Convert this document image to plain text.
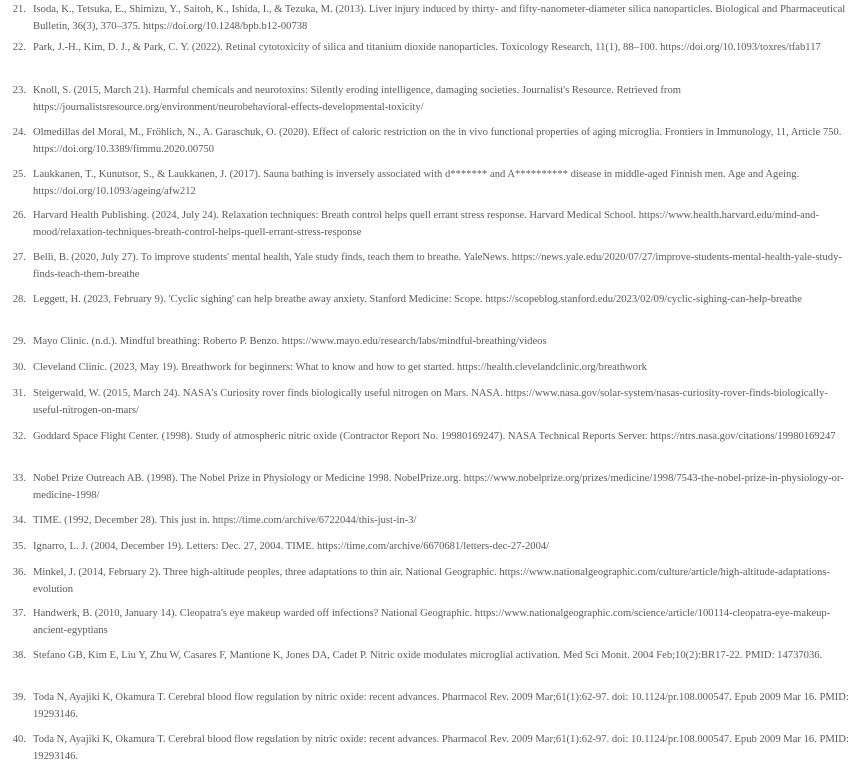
21. Isoda, K., Tetsuka, E., Shimizu, Y., Saitoh, K., Ishida, I., & Tezuka, M. (2013). Liver injury induced by thirty- and fifty-nanometer-diameter silica nanoparticles. Biological and Pharmaceutical Bulletin, 36(3), 370–375. https://doi.org/10.1248/bpb.b12-00738
22. Park, J.-H., Kim, D. J., & Park, C. Y. (2022). Retinal cytotoxicity of silica and titanium dioxide nanoparticles. Toxicology Research, 11(1), 88–100. https://doi.org/10.1093/toxres/tfab117
23. Knoll, S. (2015, March 21). Harmful chemicals and neurotoxins: Silently eroding intelligence, damaging societies. Journalist's Resource. Retrieved from https://journalistsresource.org/environment/neurobehavioral-effects-developmental-toxicity/
24. Olmedillas del Moral, M., Fröhlich, N., A. Garaschuk, O. (2020). Effect of caloric restriction on the in vivo functional properties of aging microglia. Frontiers in Immunology, 11, Article 750. https://doi.org/10.3389/fimmu.2020.00750
25. Laukkanen, T., Kunutsor, S., & Laukkanen, J. (2017). Sauna bathing is inversely associated with d******* and A********** disease in middle-aged Finnish men. Age and Ageing. https://doi.org/10.1093/ageing/afw212
26. Harvard Health Publishing. (2024, July 24). Relaxation techniques: Breath control helps quell errant stress response. Harvard Medical School. https://www.health.harvard.edu/mind-and-mood/relaxation-techniques-breath-control-helps-quell-errant-stress-response
27. Belli, B. (2020, July 27). To improve students' mental health, Yale study finds, teach them to breathe. YaleNews. https://news.yale.edu/2020/07/27/improve-students-mental-health-yale-study-finds-teach-them-breathe
28. Leggett, H. (2023, February 9). 'Cyclic sighing' can help breathe away anxiety. Stanford Medicine: Scope. https://scopeblog.stanford.edu/2023/02/09/cyclic-sighing-can-help-breathe
29. Mayo Clinic. (n.d.). Mindful breathing: Roberto P. Benzo. https://www.mayo.edu/research/labs/mindful-breathing/videos
30. Cleveland Clinic. (2023, May 19). Breathwork for beginners: What to know and how to get started. https://health.clevelandclinic.org/breathwork
31. Steigerwald, W. (2015, March 24). NASA's Curiosity rover finds biologically useful nitrogen on Mars. NASA. https://www.nasa.gov/solar-system/nasas-curiosity-rover-finds-biologically-useful-nitrogen-on-mars/
32. Goddard Space Flight Center. (1998). Study of atmospheric nitric oxide (Contractor Report No. 19980169247). NASA Technical Reports Server. https://ntrs.nasa.gov/citations/19980169247
33. Nobel Prize Outreach AB. (1998). The Nobel Prize in Physiology or Medicine 1998. NobelPrize.org. https://www.nobelprize.org/prizes/medicine/1998/7543-the-nobel-prize-in-physiology-or-medicine-1998/
34. TIME. (1992, December 28). This just in. https://time.com/archive/6722044/this-just-in-3/
35. Ignarro, L. J. (2004, December 19). Letters: Dec. 27, 2004. TIME. https://time.com/archive/6670681/letters-dec-27-2004/
36. Minkel, J. (2014, February 2). Three high-altitude peoples, three adaptations to thin air. National Geographic. https://www.nationalgeographic.com/culture/article/high-altitude-adaptations-evolution
37. Handwerk, B. (2010, January 14). Cleopatra's eye makeup warded off infections? National Geographic. https://www.nationalgeographic.com/science/article/100114-cleopatra-eye-makeup-ancient-egyptians
38. Stefano GB, Kim E, Liu Y, Zhu W, Casares F, Mantione K, Jones DA, Cadet P. Nitric oxide modulates microglial activation. Med Sci Monit. 2004 Feb;10(2):BR17-22. PMID: 14737036.
39. Toda N, Ayajiki K, Okamura T. Cerebral blood flow regulation by nitric oxide: recent advances. Pharmacol Rev. 2009 Mar;61(1):62-97. doi: 10.1124/pr.108.000547. Epub 2009 Mar 16. PMID: 19293146.
40. Toda N, Ayajiki K, Okamura T. Cerebral blood flow regulation by nitric oxide: recent advances. Pharmacol Rev. 2009 Mar;61(1):62-97. doi: 10.1124/pr.108.000547. Epub 2009 Mar 16. PMID: 19293146.
